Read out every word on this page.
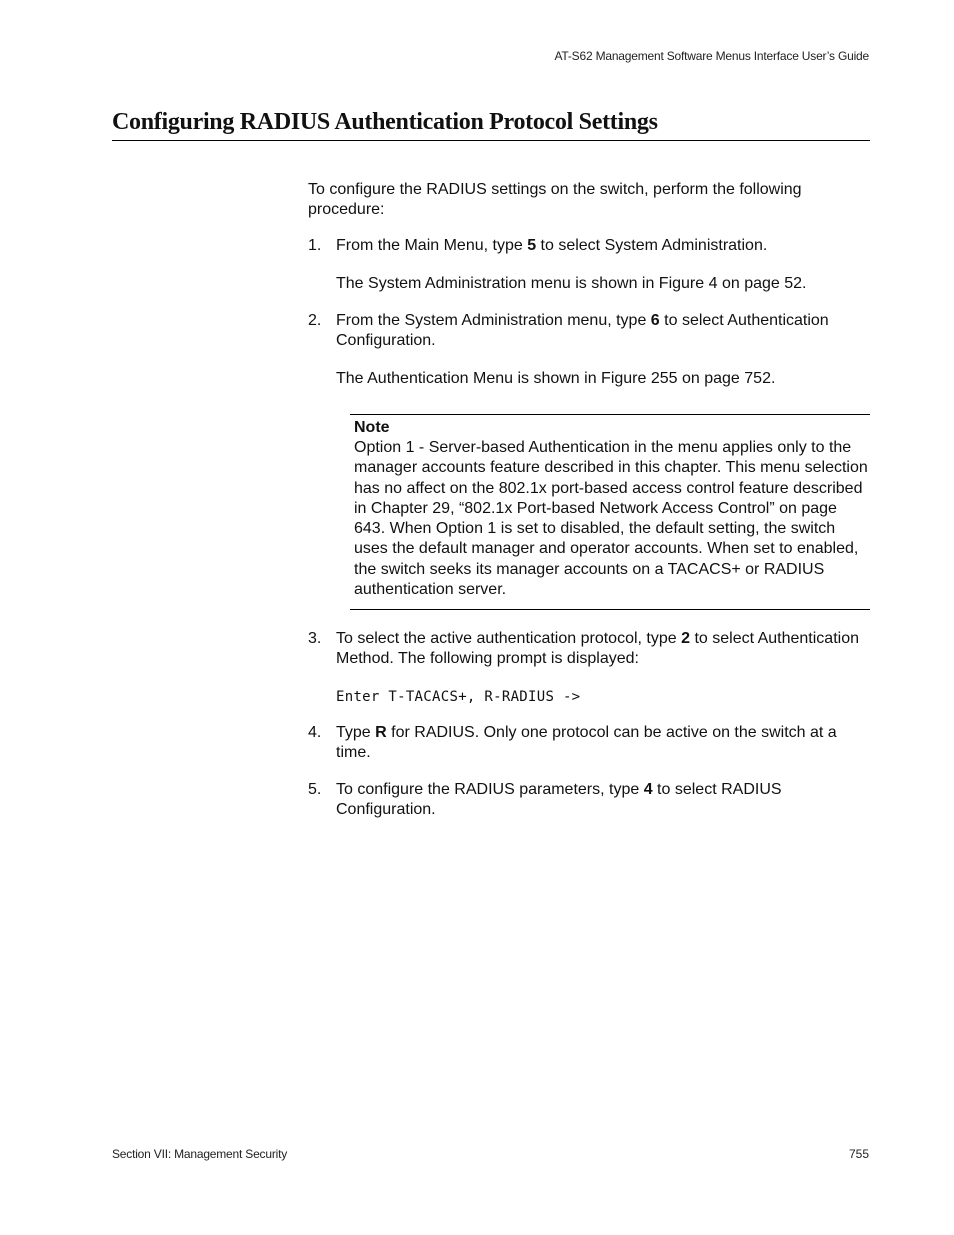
AT-S62 Management Software Menus Interface User’s Guide
Configuring RADIUS Authentication Protocol Settings
To configure the RADIUS settings on the switch, perform the following procedure:
1. From the Main Menu, type 5 to select System Administration.
The System Administration menu is shown in Figure 4 on page 52.
2. From the System Administration menu, type 6 to select Authentication Configuration.
The Authentication Menu is shown in Figure 255 on page 752.
Note
Option 1 - Server-based Authentication in the menu applies only to the manager accounts feature described in this chapter. This menu selection has no affect on the 802.1x port-based access control feature described in Chapter 29, “802.1x Port-based Network Access Control” on page 643. When Option 1 is set to disabled, the default setting, the switch uses the default manager and operator accounts. When set to enabled, the switch seeks its manager accounts on a TACACS+ or RADIUS authentication server.
3. To select the active authentication protocol, type 2 to select Authentication Method. The following prompt is displayed:
Enter T-TACACS+, R-RADIUS ->
4. Type R for RADIUS. Only one protocol can be active on the switch at a time.
5. To configure the RADIUS parameters, type 4 to select RADIUS Configuration.
Section VII: Management Security	755
